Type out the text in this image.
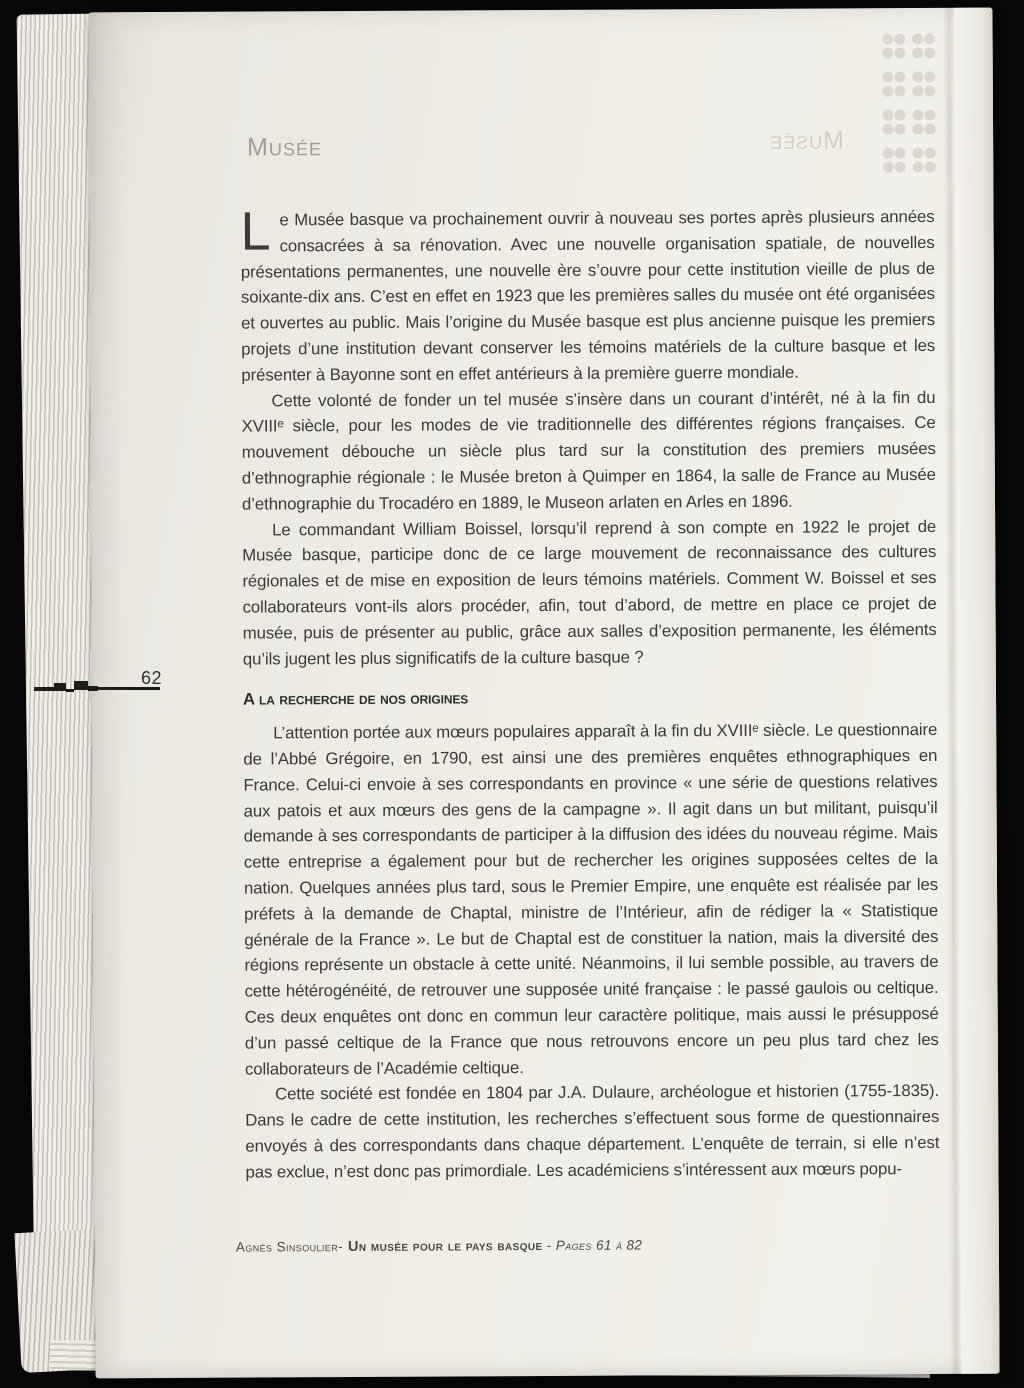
Musée	Musée

Le Musée basque va prochainement ouvrir à nouveau ses portes après plusieurs années consacrées à sa rénovation. Avec une nouvelle organisation spatiale, de nouvelles présentations permanentes, une nouvelle ère s’ouvre pour cette institution vieille de plus de soixante-dix ans. C’est en effet en 1923 que les premières salles du musée ont été organisées et ouvertes au public. Mais l’origine du Musée basque est plus ancienne puisque les premiers projets d’une institution devant conserver les témoins matériels de la culture basque et les présenter à Bayonne sont en effet antérieurs à la première guerre mondiale.

Cette volonté de fonder un tel musée s’insère dans un courant d’intérêt, né à la fin du XVIIIᵉ siècle, pour les modes de vie traditionnelle des différentes régions françaises. Ce mouvement débouche un siècle plus tard sur la constitution des premiers musées d’ethnographie régionale : le Musée breton à Quimper en 1864, la salle de France au Musée d’ethnographie du Trocadéro en 1889, le Museon arlaten en Arles en 1896.

Le commandant William Boissel, lorsqu’il reprend à son compte en 1922 le projet de Musée basque, participe donc de ce large mouvement de reconnaissance des cultures régionales et de mise en exposition de leurs témoins matériels. Comment W. Boissel et ses collaborateurs vont-ils alors procéder, afin, tout d’abord, de mettre en place ce projet de musée, puis de présenter au public, grâce aux salles d’exposition permanente, les éléments qu’ils jugent les plus significatifs de la culture basque ?

A la recherche de nos origines

L’attention portée aux mœurs populaires apparaît à la fin du XVIIIᵉ siècle. Le questionnaire de l’Abbé Grégoire, en 1790, est ainsi une des premières enquêtes ethnographiques en France. Celui-ci envoie à ses correspondants en province « une série de questions relatives aux patois et aux mœurs des gens de la campagne ». Il agit dans un but militant, puisqu’il demande à ses correspondants de participer à la diffusion des idées du nouveau régime. Mais cette entreprise a également pour but de rechercher les origines supposées celtes de la nation. Quelques années plus tard, sous le Premier Empire, une enquête est réalisée par les préfets à la demande de Chaptal, ministre de l’Intérieur, afin de rédiger la « Statistique générale de la France ». Le but de Chaptal est de constituer la nation, mais la diversité des régions représente un obstacle à cette unité. Néanmoins, il lui semble possible, au travers de cette hétérogénéité, de retrouver une supposée unité française : le passé gaulois ou celtique. Ces deux enquêtes ont donc en commun leur caractère politique, mais aussi le présupposé d’un passé celtique de la France que nous retrouvons encore un peu plus tard chez les collaborateurs de l’Académie celtique.

Cette société est fondée en 1804 par J.A. Dulaure, archéologue et historien (1755-1835). Dans le cadre de cette institution, les recherches s’effectuent sous forme de questionnaires envoyés à des correspondants dans chaque département. L’enquête de terrain, si elle n’est pas exclue, n’est donc pas primordiale. Les académiciens s’intéressent aux mœurs popu-

Agnès Sinsoulier- Un musée pour le pays basque - Pages 61 à 82
62
